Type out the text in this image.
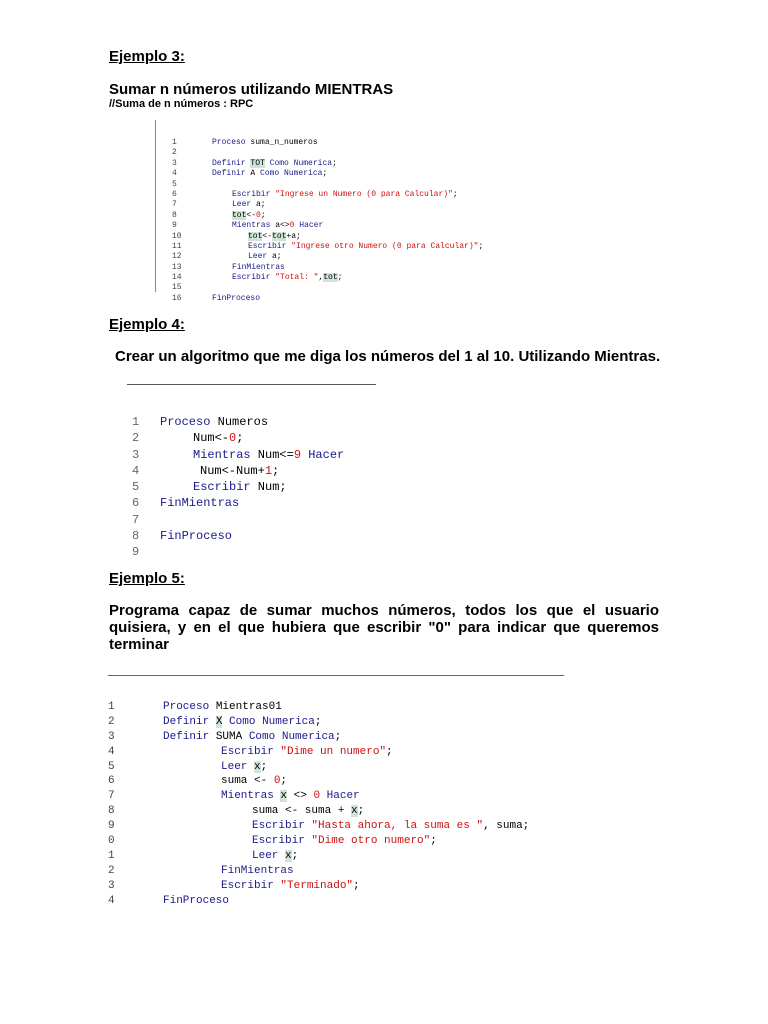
Ejemplo 3:
Sumar n números utilizando MIENTRAS
//Suma de n números : RPC

1	Proceso suma_n_numeros
2
3	Definir TOT Como Numerica;
4	Definir A Como Numerica;
5
6	Escribir "Ingrese un Numero (0 para Calcular)";
7	Leer a;
8	tot<-0;
9	Mientras a<>0 Hacer
10	tot<-tot+a;
11	Escribir "Ingrese otro Numero (0 para Calcular)";
12	Leer a;
13	FinMientras
14	Escribir "Total: ",tot;
15
16	FinProceso
Ejemplo 4:
Crear un algoritmo que me diga los números del 1 al 10. Utilizando Mientras.

1 Proceso Numeros
2	Num<-0;
3	Mientras Num<=9 Hacer
4	Num<-Num+1;
5	Escribir Num;
6 FinMientras
7
8 FinProceso
9
Ejemplo 5:
Programa capaz de sumar muchos números, todos los que el usuario quisiera, y en el que hubiera que escribir "0" para indicar que queremos terminar

1	Proceso Mientras01
2	Definir X Como Numerica;
3	Definir SUMA Como Numerica;
4	Escribir "Dime un numero";
5	Leer x;
6	suma <- 0;
7	Mientras x <> 0 Hacer
8	suma <- suma + x;
9	Escribir "Hasta ahora, la suma es ", suma;
0	Escribir "Dime otro numero";
1	Leer x;
2	FinMientras
3	Escribir "Terminado";
4	FinProceso
